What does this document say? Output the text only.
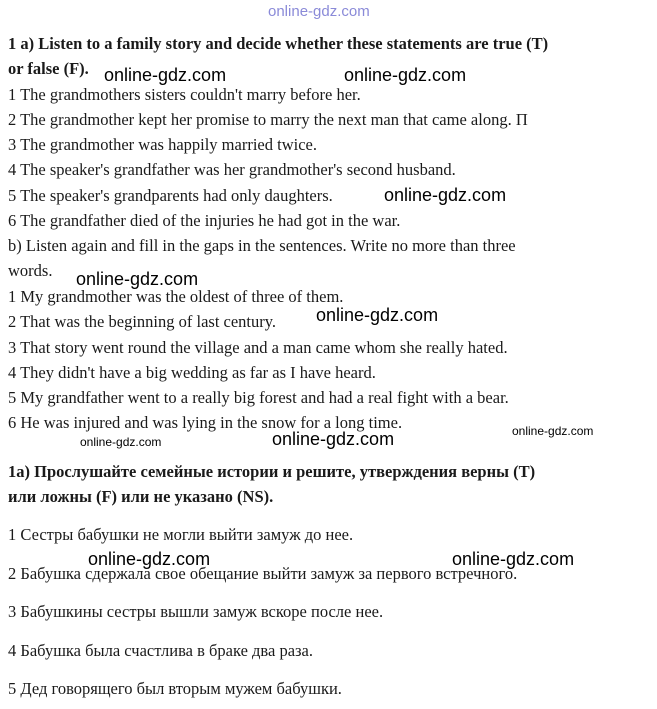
online-gdz.com
1 a) Listen to a family story and decide whether these statements are true (T)
or false (F).
1 The grandmothers sisters couldn't marry before her.
2 The grandmother kept her promise to marry the next man that came along. П
3 The grandmother was happily married twice.
4 The speaker's grandfather was her grandmother's second husband.
5 The speaker's grandparents had only daughters.
6 The grandfather died of the injuries he had got in the war.
b) Listen again and fill in the gaps in the sentences. Write no more than three
words.
1 My grandmother was the oldest of three of them.
2 That was the beginning of last century.
3 That story went round the village and a man came whom she really hated.
4 They didn't have a big wedding as far as I have heard.
5 My grandfather went to a really big forest and had a real fight with a bear.
6 He was injured and was lying in the snow for a long time.
1a) Прослушайте семейные истории и решите, утверждения верны (Т)
или ложны (F) или не указано (NS).
1 Сестры бабушки не могли выйти замуж до нее.
2 Бабушка сдержала свое обещание выйти замуж за первого встречного.
3 Бабушкины сестры вышли замуж вскоре после нее.
4 Бабушка была счастлива в браке два раза.
5 Дед говорящего был вторым мужем бабушки.
online-gdz.com	online-gdz.com
online-gdz.com
online-gdz.com
online-gdz.com
online-gdz.com	online-gdz.com	online-gdz.com
online-gdz.com	online-gdz.com
